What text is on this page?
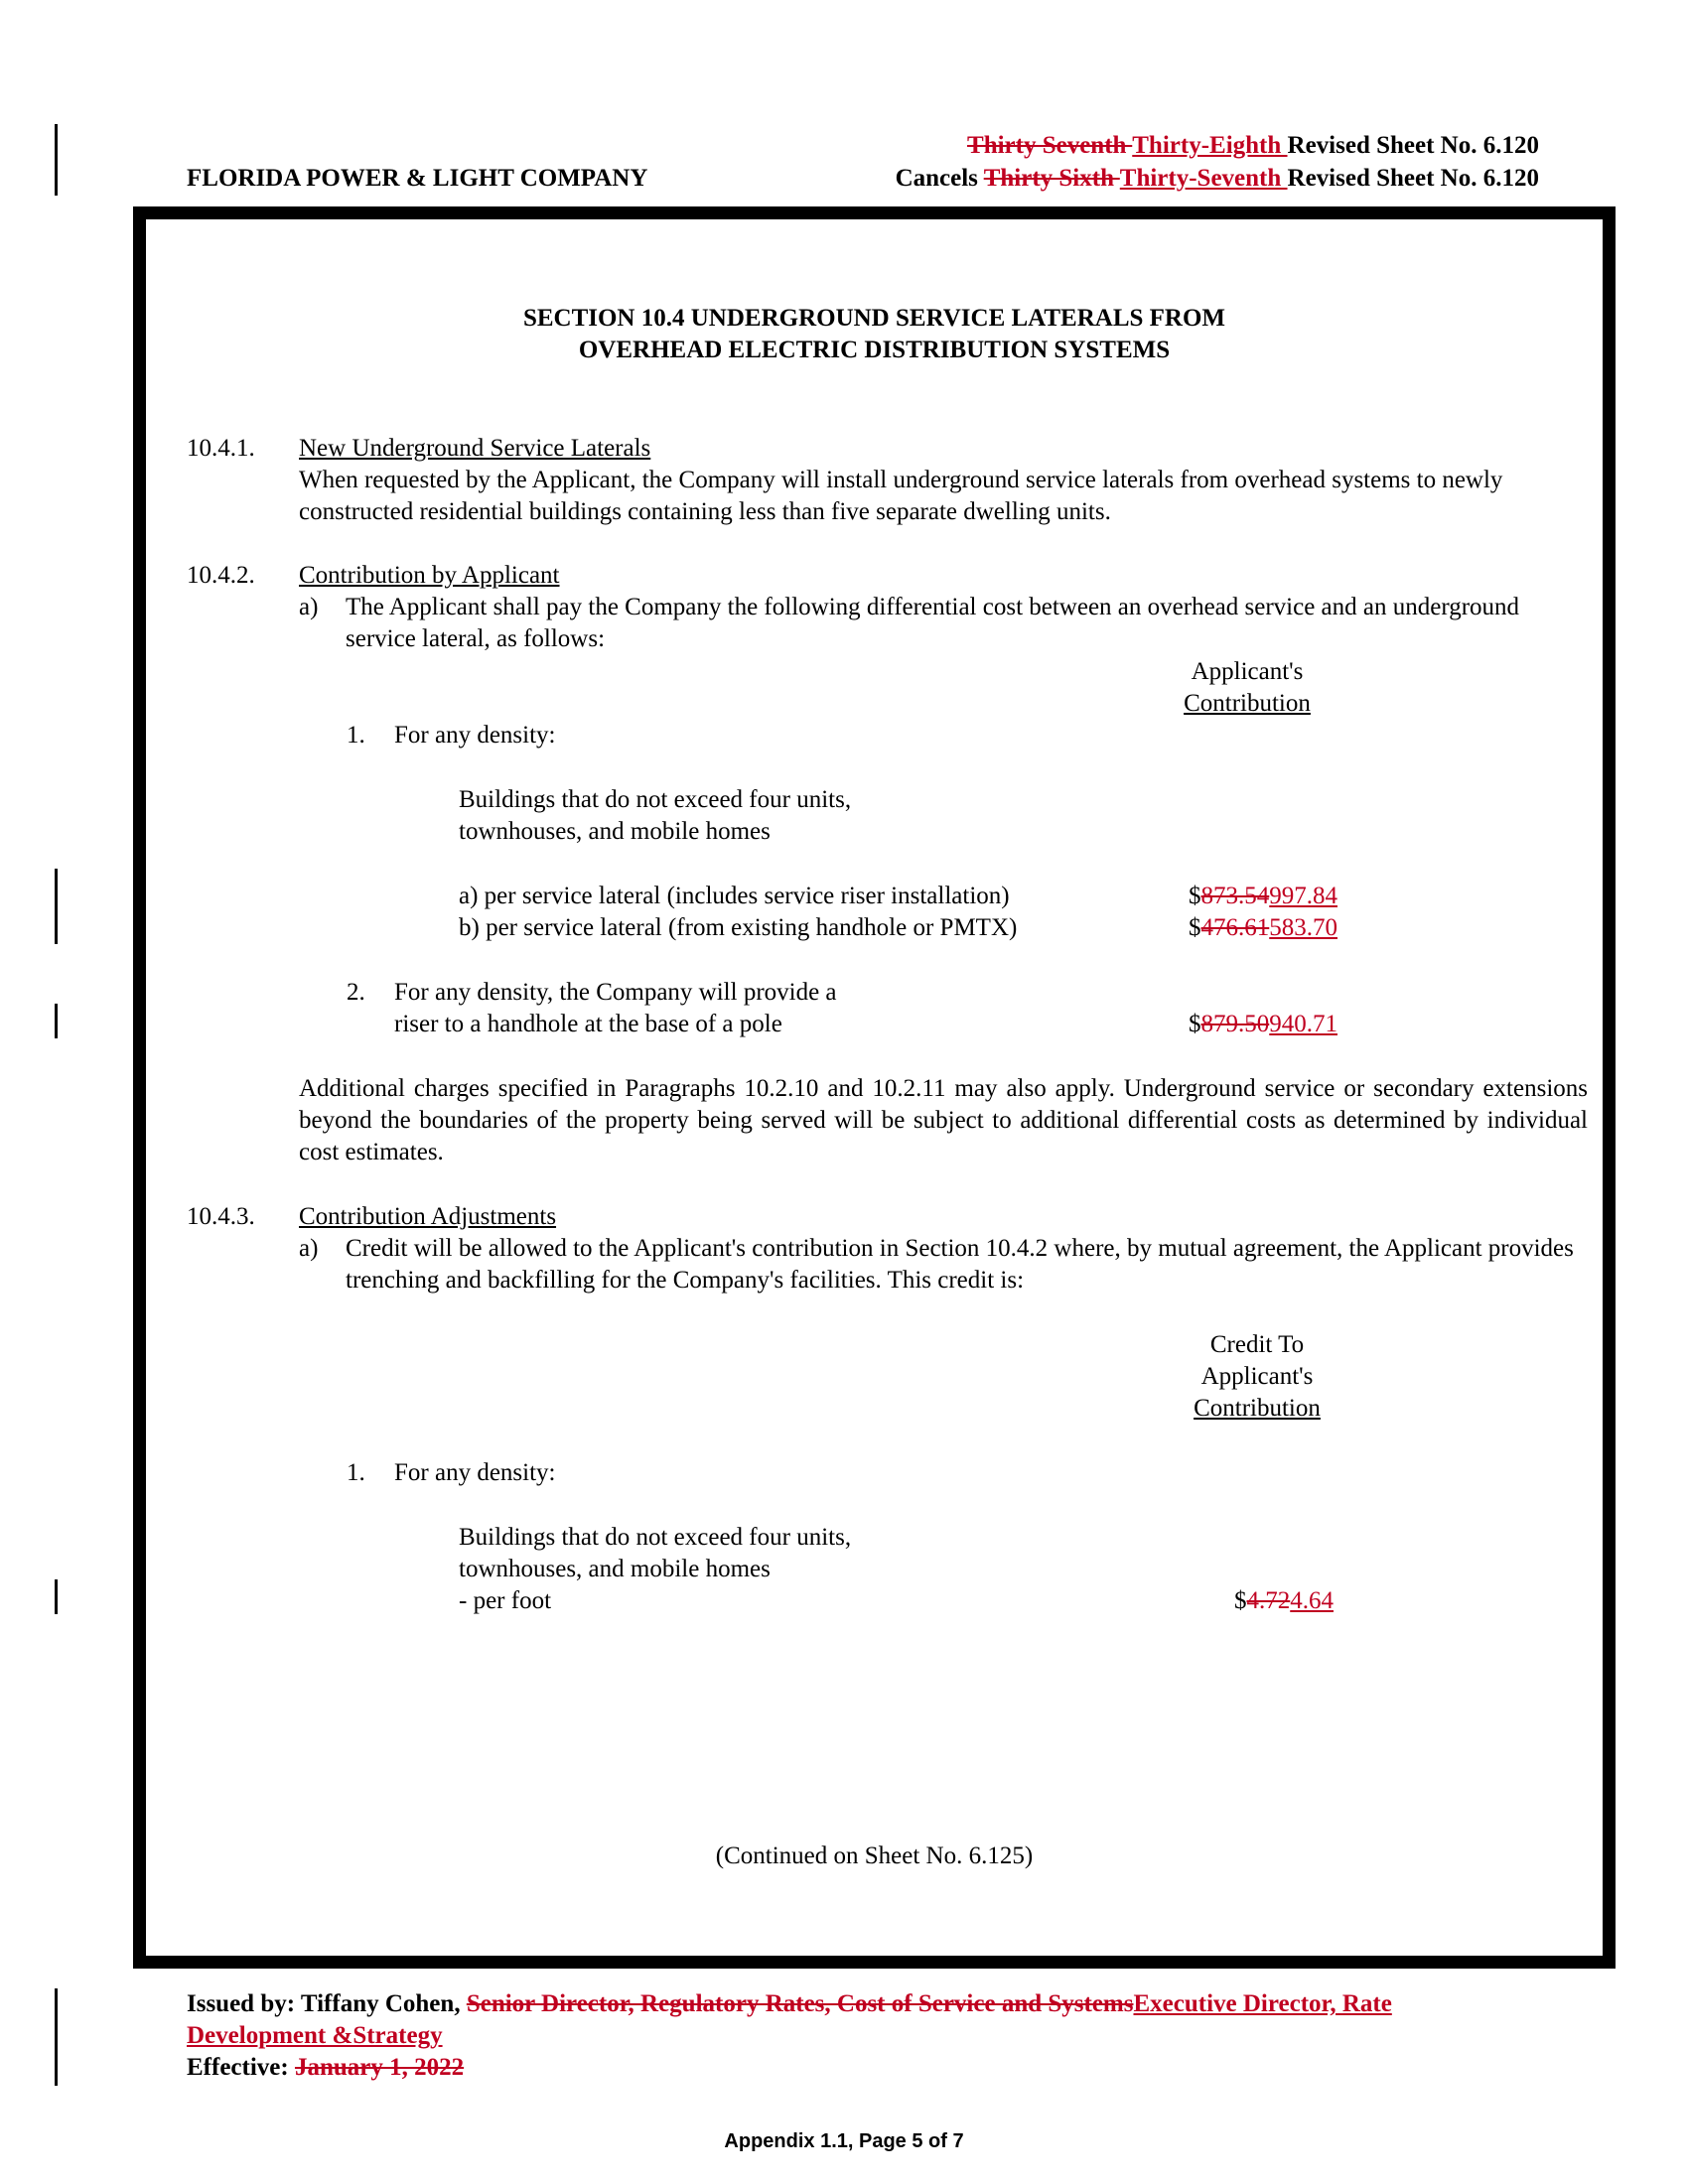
FLORIDA POWER & LIGHT COMPANY
Thirty Seventh Thirty-Eighth Revised Sheet No. 6.120
Cancels Thirty Sixth Thirty-Seventh Revised Sheet No. 6.120
SECTION 10.4 UNDERGROUND SERVICE LATERALS FROM
OVERHEAD ELECTRIC DISTRIBUTION SYSTEMS
10.4.1. New Underground Service Laterals
When requested by the Applicant, the Company will install underground service laterals from overhead systems to newly constructed residential buildings containing less than five separate dwelling units.
10.4.2. Contribution by Applicant
a) The Applicant shall pay the Company the following differential cost between an overhead service and an underground service lateral, as follows:
Applicant's
Contribution
1. For any density:
Buildings that do not exceed four units,
townhouses, and mobile homes
a) per service lateral (includes service riser installation)	$873.54997.84
b) per service lateral (from existing handhole or PMTX)	$476.61583.70
2. For any density, the Company will provide a
riser to a handhole at the base of a pole	$879.50940.71
Additional charges specified in Paragraphs 10.2.10 and 10.2.11 may also apply. Underground service or secondary extensions beyond the boundaries of the property being served will be subject to additional differential costs as determined by individual cost estimates.
10.4.3. Contribution Adjustments
a) Credit will be allowed to the Applicant's contribution in Section 10.4.2 where, by mutual agreement, the Applicant provides trenching and backfilling for the Company's facilities. This credit is:
Credit To
Applicant's
Contribution
1. For any density:
Buildings that do not exceed four units,
townhouses, and mobile homes
- per foot	$4.724.64
(Continued on Sheet No. 6.125)
Issued by: Tiffany Cohen, Senior Director, Regulatory Rates, Cost of Service and SystemsExecutive Director, Rate
Development &Strategy
Effective: January 1, 2022
Appendix 1.1, Page 5 of 7
